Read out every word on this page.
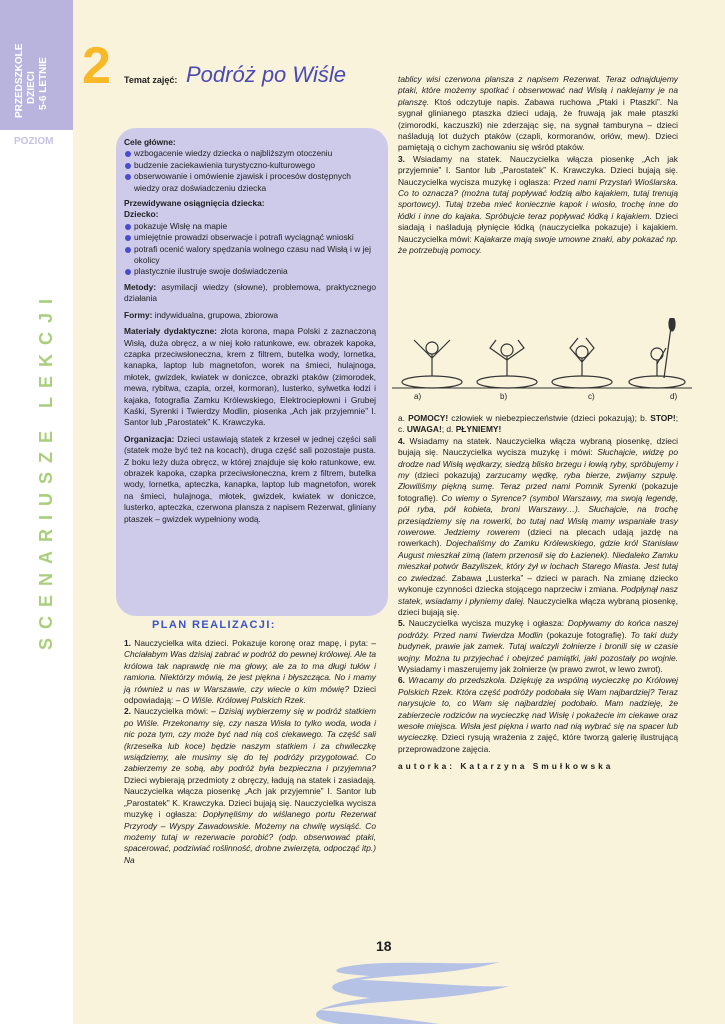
PRZEDSZKOLE DZIECI 5-6 LETNIE
POZIOM
SCENARIUSZE LEKCJI
2 Temat zajęć: Podróż po Wiśle

Cele główne:

wzbogacenie wiedzy dziecka o najbliższym otoczeniu
budzenie zaciekawienia turystyczno-kulturowego
obserwowanie i omówienie zjawisk i procesów dostępnych wiedzy oraz doświadczeniu dziecka

Przewidywane osiągnięcia dziecka:

Dziecko:

pokazuje Wisłę na mapie
umiejętnie prowadzi obserwacje i potrafi wyciągnąć wnioski
potrafi ocenić walory spędzania wolnego czasu nad Wisłą i w jej okolicy
plastycznie ilustruje swoje doświadczenia

Metody: asymilacji wiedzy (słowne), problemowa, praktycznego działania

Formy: indywidualna, grupowa, zbiorowa

Materiały dydaktyczne: złota korona, mapa Polski z zaznaczoną Wisłą, duża obręcz, a w niej koło ratunkowe, ew. obrazek kapoka, czapka przeciwsłoneczna, krem z filtrem, butelka wody, lornetka, kanapka, laptop lub magnetofon, worek na śmieci, hulajnoga, młotek, gwizdek, kwiatek w doniczce, obrazki ptaków (zimorodek, mewa, rybitwa, czapla, orzeł, kormoran), lusterko, sylwetka łodzi i kajaka, fotografia Zamku Królewskiego, Elektrociepłowni i Grubej Kaśki, Syrenki i Twierdzy Modlin, piosenka „Ach jak przyjemnie” I. Santor lub „Parostatek” K. Krawczyka.

Organizacja: Dzieci ustawiają statek z krzeseł w jednej części sali (statek może być też na kocach), druga część sali pozostaje pusta. Z boku leży duża obręcz, w której znajduje się koło ratunkowe, ew. obrazek kapoka, czapka przeciwsłoneczna, krem z filtrem, butelka wody, lornetka, apteczka, kanapka, laptop lub magnetofon, worek na śmieci, hulajnoga, młotek, gwizdek, kwiatek w doniczce, lusterko, apteczka, czerwona plansza z napisem Rezerwat, gliniany ptaszek – gwizdek wypełniony wodą.

PLAN REALIZACJI:

1. Nauczycielka wita dzieci. Pokazuje koronę oraz mapę, i pyta: – Chciałabym Was dzisiaj zabrać w podróż do pewnej królowej. Ale ta królowa tak naprawdę nie ma głowy, ale za to ma długi tułów i ramiona. Niektórzy mówią, że jest piękna i błyszcząca. No i mamy ją również u nas w Warszawie, czy wiecie o kim mówię? Dzieci odpowiadają: – O Wiśle. Królowej Polskich Rzek.

2. Nauczycielka mówi: – Dzisiaj wybierzemy się w podróż statkiem po Wiśle. Przekonamy się, czy nasza Wisła to tylko woda, woda i nic poza tym, czy może być nad nią coś ciekawego. Ta część sali (krzesełka lub koce) będzie naszym statkiem i za chwileczkę wsiądziemy, ale musimy się do tej podróży przygotować. Co zabierzemy ze sobą, aby podróż była bezpieczna i przyjemna? Dzieci wybierają przedmioty z obręczy, ładują na statek i zasiadają. Nauczycielka włącza piosenkę „Ach jak przyjemnie” I. Santor lub „Parostatek” K. Krawczyka. Dzieci bujają się. Nauczycielka wycisza muzykę i ogłasza: Dopłynęliśmy do wiślanego portu Rezerwat Przyrody – Wyspy Zawadowskie. Możemy na chwilę wysiąść. Co możemy tutaj w rezerwacie porobić? (odp. obserwować ptaki, spacerować, podziwiać roślinność, drobne zwierzęta, odpocząć itp.) Na

tablicy wisi czerwona plansza z napisem Rezerwat. Teraz odnajdujemy ptaki, które możemy spotkać i obserwować nad Wisłą i naklejamy je na planszę. Ktoś odczytuje napis. Zabawa ruchowa „Ptaki i Ptaszki”. Na sygnał glinianego ptaszka dzieci udają, że fruwają jak małe ptaszki (zimorodki, kaczuszki) nie zderzając się, na sygnał tamburyna – dzieci naśladują lot dużych ptaków (czapli, kormoranów, orłów, mew). Dzieci pamiętają o cichym zachowaniu się wśród ptaków.

3. Wsiadamy na statek. Nauczycielka włącza piosenkę „Ach jak przyjemnie” I. Santor lub „Parostatek” K. Krawczyka. Dzieci bujają się. Nauczycielka wycisza muzykę i ogłasza: Przed nami Przystań Wioślarska. Co to oznacza? (można tutaj popływać łodzią albo kajakiem, tutaj trenują sportowcy). Tutaj trzeba mieć koniecznie kapok i wiosło, trochę inne do łódki i inne do kajaka. Spróbujcie teraz popływać łódką i kajakiem. Dzieci siadają i naśladują płynięcie łódką (nauczycielka pokazuje) i kajakiem. Nauczycielka mówi: Kajakarze mają swoje umowne znaki, aby pokazać np. że potrzebują pomocy.

a)	b)	c)	d)

a. POMOCY! człowiek w niebezpieczeństwie (dzieci pokazują); b. STOP!; c. UWAGA!; d. PŁYNIEMY!

4. Wsiadamy na statek. Nauczycielka włącza wybraną piosenkę, dzieci bujają się. Nauczycielka wycisza muzykę i mówi: Słuchajcie, widzę po drodze nad Wisłą wędkarzy, siedzą blisko brzegu i łowią ryby, spróbujemy i my (dzieci pokazują) zarzucamy wędkę, ryba bierze, zwijamy szpulę. Złowiliśmy piękną sumę. Teraz przed nami Pomnik Syrenki (pokazuje fotografię). Co wiemy o Syrence? (symbol Warszawy, ma swoją legendę, pół ryba, pół kobieta, broni Warszawy…). Słuchajcie, na trochę przesiądziemy się na rowerki, bo tutaj nad Wisłą mamy wspaniałe trasy rowerowe. Jedziemy rowerem (dzieci na plecach udają jazdę na rowerkach). Dojechaliśmy do Zamku Królewskiego, gdzie król Stanisław August mieszkał zimą (latem przenosił się do Łazienek). Niedaleko Zamku mieszkał potwór Bazyliszek, który żył w lochach Starego Miasta. Jest tutaj co zwiedzać. Zabawa „Lusterka” – dzieci w parach. Na zmianę dziecko wykonuje czynności dziecka stojącego naprzeciw i zmiana. Podpłynął nasz statek, wsiadamy i płyniemy dalej. Nauczycielka włącza wybraną piosenkę, dzieci bujają się.

5. Nauczycielka wycisza muzykę i ogłasza: Dopływamy do końca naszej podróży. Przed nami Twierdza Modlin (pokazuje fotografię). To taki duży budynek, prawie jak zamek. Tutaj walczyli żołnierze i bronili się w czasie wojny. Można tu przyjechać i obejrzeć pamiątki, jaki pozostały po wojnie. Wysiadamy i maszerujemy jak żołnierze (w prawo zwrot, w lewo zwrot).

6. Wracamy do przedszkola. Dziękuję za wspólną wycieczkę po Królowej Polskich Rzek. Która część podróży podobała się Wam najbardziej? Teraz narysujcie to, co Wam się najbardziej podobało. Mam nadzieję, że zabierzecie rodziców na wycieczkę nad Wisłę i pokażecie im ciekawe oraz wesołe miejsca. Wisła jest piękna i warto nad nią wybrać się na spacer lub wycieczkę. Dzieci rysują wrażenia z zajęć, które tworzą galerię ilustrującą przeprowadzone zajęcia.

autorka: Katarzyna Smułkowska
18
